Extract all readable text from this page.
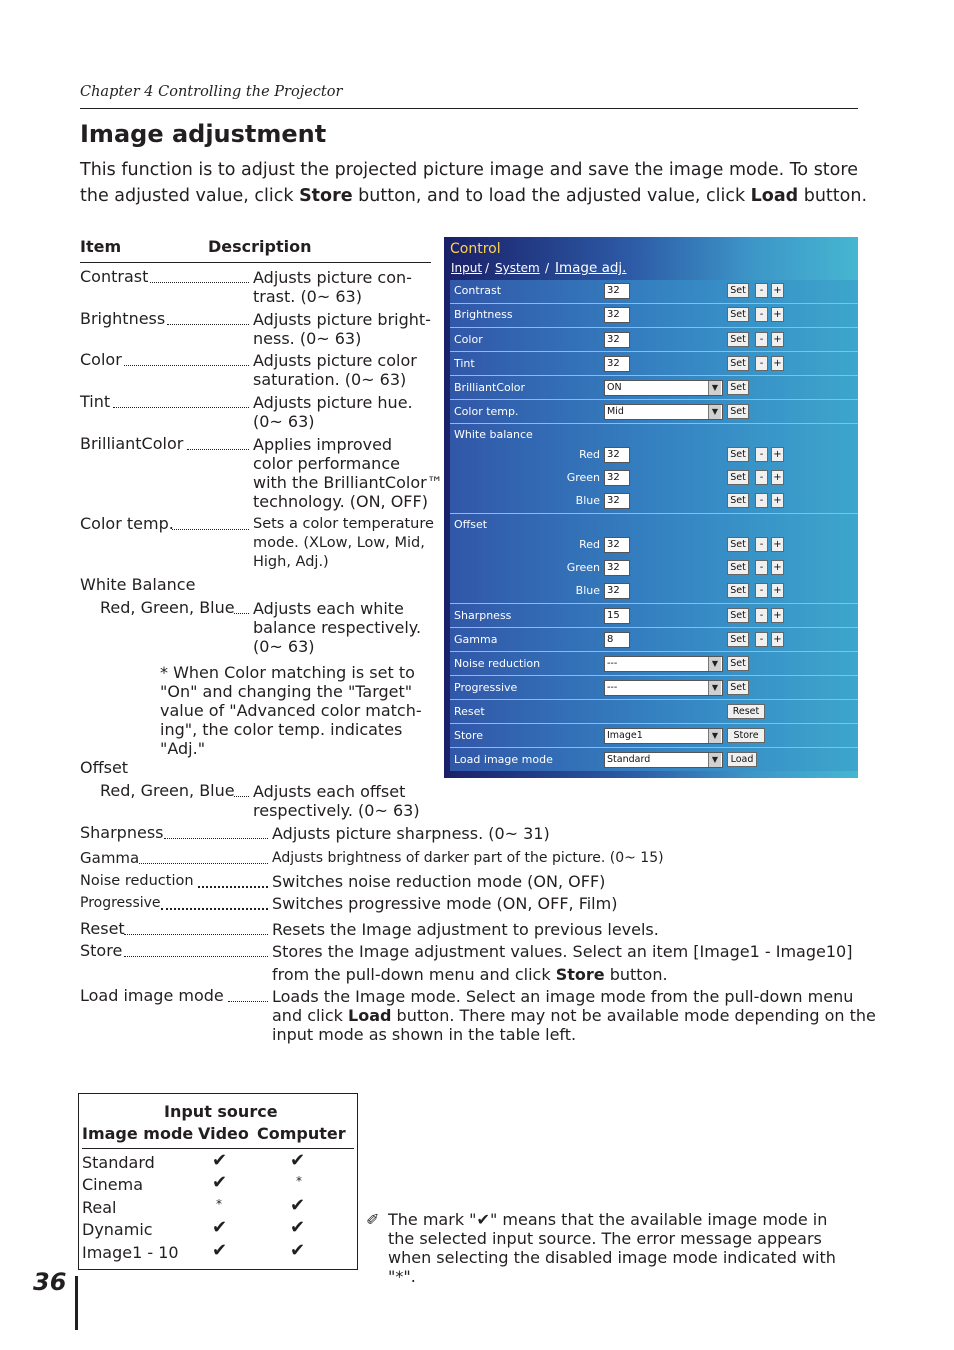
Chapter 4 Controlling the Projector
Image adjustment

This function is to adjust the projected picture image and save the image mode. To store the adjusted value, click Store button, and to load the adjusted value, click Load button.

Item	Description
Contrast	Adjusts picture con-
trast. (0~ 63)
Brightness	Adjusts picture bright-
ness. (0~ 63)
Color	Adjusts picture color
saturation. (0~ 63)
Tint	Adjusts picture hue.
(0~ 63)
BrilliantColor	Applies improved
color performance
with the BrilliantColor™
technology. (ON, OFF)
Color temp.	Sets a color temperature
mode. (XLow, Low, Mid,
High, Adj.)
White Balance
Red, Green, Blue Adjusts each white
balance respectively.
(0~ 63)
* When Color matching is set to
"On" and changing the "Target"
value of "Advanced color match-
ing", the color temp. indicates
"Adj."
Offset
Red, Green, Blue Adjusts each offset
respectively. (0~ 63)
Sharpness	Adjusts picture sharpness. (0~ 31)
Gamma	Adjusts brightness of darker part of the picture. (0~ 15)
Noise reduction	Switches noise reduction mode (ON, OFF)
Progressive	Switches progressive mode (ON, OFF, Film)
Reset	Resets the Image adjustment to previous levels.
Store	Stores the Image adjustment values. Select an item [Image1 - Image10]
from the pull-down menu and click Store button.
Load image mode	Loads the Image mode. Select an image mode from the pull-down menu
and click Load button. There may not be available mode depending on the
input mode as shown in the table left.
Control
Input / System / Image adj.
Contrast	32	Set	-	+
Brightness	32	Set	-	+
Color	32	Set	-	+
Tint	32	Set	-	+
BrilliantColor	ON	▼	Set
Color temp.	Mid	▼	Set
White balance
Red 32	Set	-	+
Green 32	Set	-	+
Blue 32	Set	-	+
Offset
Red 32	Set	-	+
Green 32	Set	-	+
Blue 32	Set	-	+
Sharpness	15	Set	-	+
Gamma	8	Set	-	+
Noise reduction	---	▼	Set
Progressive	---	▼	Set
Reset	Reset
Store	Image1	▼	Store
Load image mode	Standard	▼	Load
Input source
Image mode Video Computer
Standard	✔	✔
Cinema	✔	*
Real	*	✔
Dynamic	✔	✔
Image1 - 10 ✔	✔
✐ The mark "✔" means that the available image mode in the selected input source. The error message appears when selecting the disabled image mode indicated with "*".
36
